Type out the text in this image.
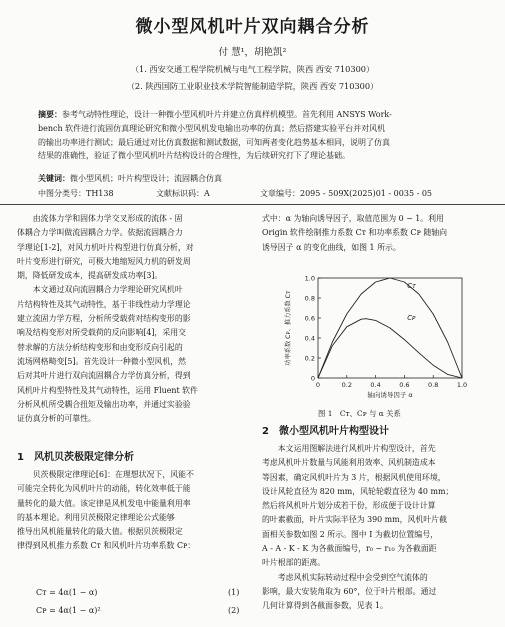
微小型风机叶片双向耦合分析
付 慧¹，胡艳凯²
（1. 西安交通工程学院机械与电气工程学院，陕西 西安 710300）
（2. 陕西国防工业职业技术学院智能制造学院，陕西 西安 710300）
摘要：参考气动特性理论，设计一种微小型风机叶片并建立仿真样机模型。首先利用 ANSYS Work-
bench 软件进行流固仿真理论研究和微小型风机发电输出功率的仿真；然后搭建实验平台并对风机
的输出功率进行测试；最后通过对比仿真数据和测试数据，可知两者变化趋势基本相同，说明了仿真
结果的准确性，验证了微小型风机叶片结构设计的合理性，为后续研究打下了理论基础。
关键词：微小型风机；叶片构型设计；流固耦合仿真
中图分类号：TH138	文献标识码：A	文章编号：2095 - 509X(2025)01 - 0035 - 05
　　由流体力学和固体力学交叉形成的流体 - 固
体耦合力学叫做流固耦合力学。依据流固耦合力
学理论[1-2]，对风力机叶片构型进行仿真分析，对
叶片变形进行研究，可极大地缩短风力机的研发周
期，降低研发成本，提高研发成功率[3]。
　　本文通过双向流固耦合力学理论研究风机叶
片结构特性及其气动特性，基于非线性动力学理论
建立流固力学方程，分析所受载荷对结构变形的影
响及结构变形对所受载荷的反向影响[4]，采用交
替求解的方法分析结构变形和由变形反向引起的
流场网格畸变[5]。首先设计一种微小型风机，然
后对其叶片进行双向流固耦合力学仿真分析，得到
风机叶片构型特性及其气动特性，运用 Fluent 软件
分析风机所受耦合扭矩及输出功率，并通过实验验
证仿真分析的可靠性。
1　风机贝茨极限定律分析
　　贝茨极限定律理论[6]：在理想状况下，风能不
可能完全转化为风机叶片的动能，转化效率低于能
量转化的最大值。该定律是风机发电中能量利用率
的基本理论。利用贝茨极限定律理论公式能够
推导出风机能量转化的最大值。根据贝茨极限定
律得到风机推力系数 Cᴛ 和风机叶片功率系数 Cᴘ：
Cᴛ = 4α(1 − α)	(1)
Cᴘ = 4α(1 − α)²	(2)
式中：α 为轴向诱导因子，取值范围为 0 ~ 1。利用
Origin 软件绘制推力系数 Cᴛ 和功率系数 Cᴘ 随轴向
诱导因子 α 的变化曲线，如图 1 所示。
0	0.2	0.4	0.6	0.8	1.0
0
0.2
0.4
0.6
0.8
1.0
轴向诱导因子 α
功率系数 Cᴘ、推力系数 Cᴛ
Cᴛ
Cᴘ
图 1　Cᴛ、Cᴘ 与 α 关系
2　微小型风机叶片构型设计
　　本文运用图解法进行风机叶片构型设计，首先
考虑风机叶片数量与风能利用效率、风机制造成本
等因素，确定风机叶片为 3 片，根据风机使用环境，
设计风轮直径为 820 mm，风轮轮毂直径为 40 mm；
然后将风机叶片划分成若干份，形成便于设计计算
的叶素截面，叶片实际半径为 390 mm，风机叶片截
面相关参数如图 2 所示。图中 I 为截切位置编号，
A - A - K - K 为各截面编号，r₀ ~ r₁₀ 为各截面距
叶片根部的距离。
　　考虑风机实际转动过程中会受到空气流体的
影响，最大安装角取为 60°，位于叶片根部。通过
几何计算得到各截面参数，见表 1。
